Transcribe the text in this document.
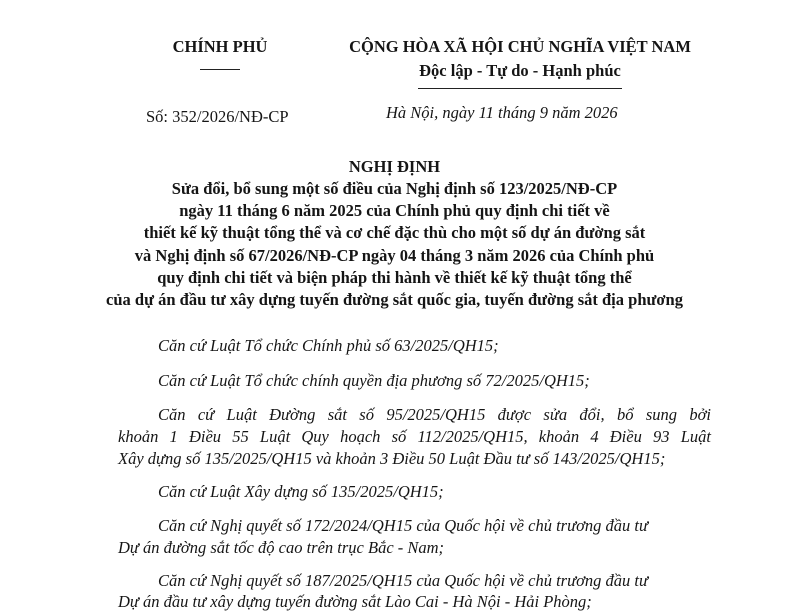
CHÍNH PHỦ	CỘNG HÒA XÃ HỘI CHỦ NGHĨA VIỆT NAM
Độc lập - Tự do - Hạnh phúc
Số: 352/2026/NĐ-CP	Hà Nội, ngày 11 tháng 9 năm 2026
NGHỊ ĐỊNH
Sửa đổi, bổ sung một số điều của Nghị định số 123/2025/NĐ-CP
ngày 11 tháng 6 năm 2025 của Chính phủ quy định chi tiết về
thiết kế kỹ thuật tổng thể và cơ chế đặc thù cho một số dự án đường sắt
và Nghị định số 67/2026/NĐ-CP ngày 04 tháng 3 năm 2026 của Chính phủ
quy định chi tiết và biện pháp thi hành về thiết kế kỹ thuật tổng thể
của dự án đầu tư xây dựng tuyến đường sắt quốc gia, tuyến đường sắt địa phương
Căn cứ Luật Tổ chức Chính phủ số 63/2025/QH15;
Căn cứ Luật Tổ chức chính quyền địa phương số 72/2025/QH15;
Căn cứ Luật Đường sắt số 95/2025/QH15 được sửa đổi, bổ sung bởi
khoản 1 Điều 55 Luật Quy hoạch số 112/2025/QH15, khoản 4 Điều 93 Luật
Xây dựng số 135/2025/QH15 và khoản 3 Điều 50 Luật Đầu tư số 143/2025/QH15;
Căn cứ Luật Xây dựng số 135/2025/QH15;
Căn cứ Nghị quyết số 172/2024/QH15 của Quốc hội về chủ trương đầu tư
Dự án đường sắt tốc độ cao trên trục Bắc - Nam;
Căn cứ Nghị quyết số 187/2025/QH15 của Quốc hội về chủ trương đầu tư
Dự án đầu tư xây dựng tuyến đường sắt Lào Cai - Hà Nội - Hải Phòng;
